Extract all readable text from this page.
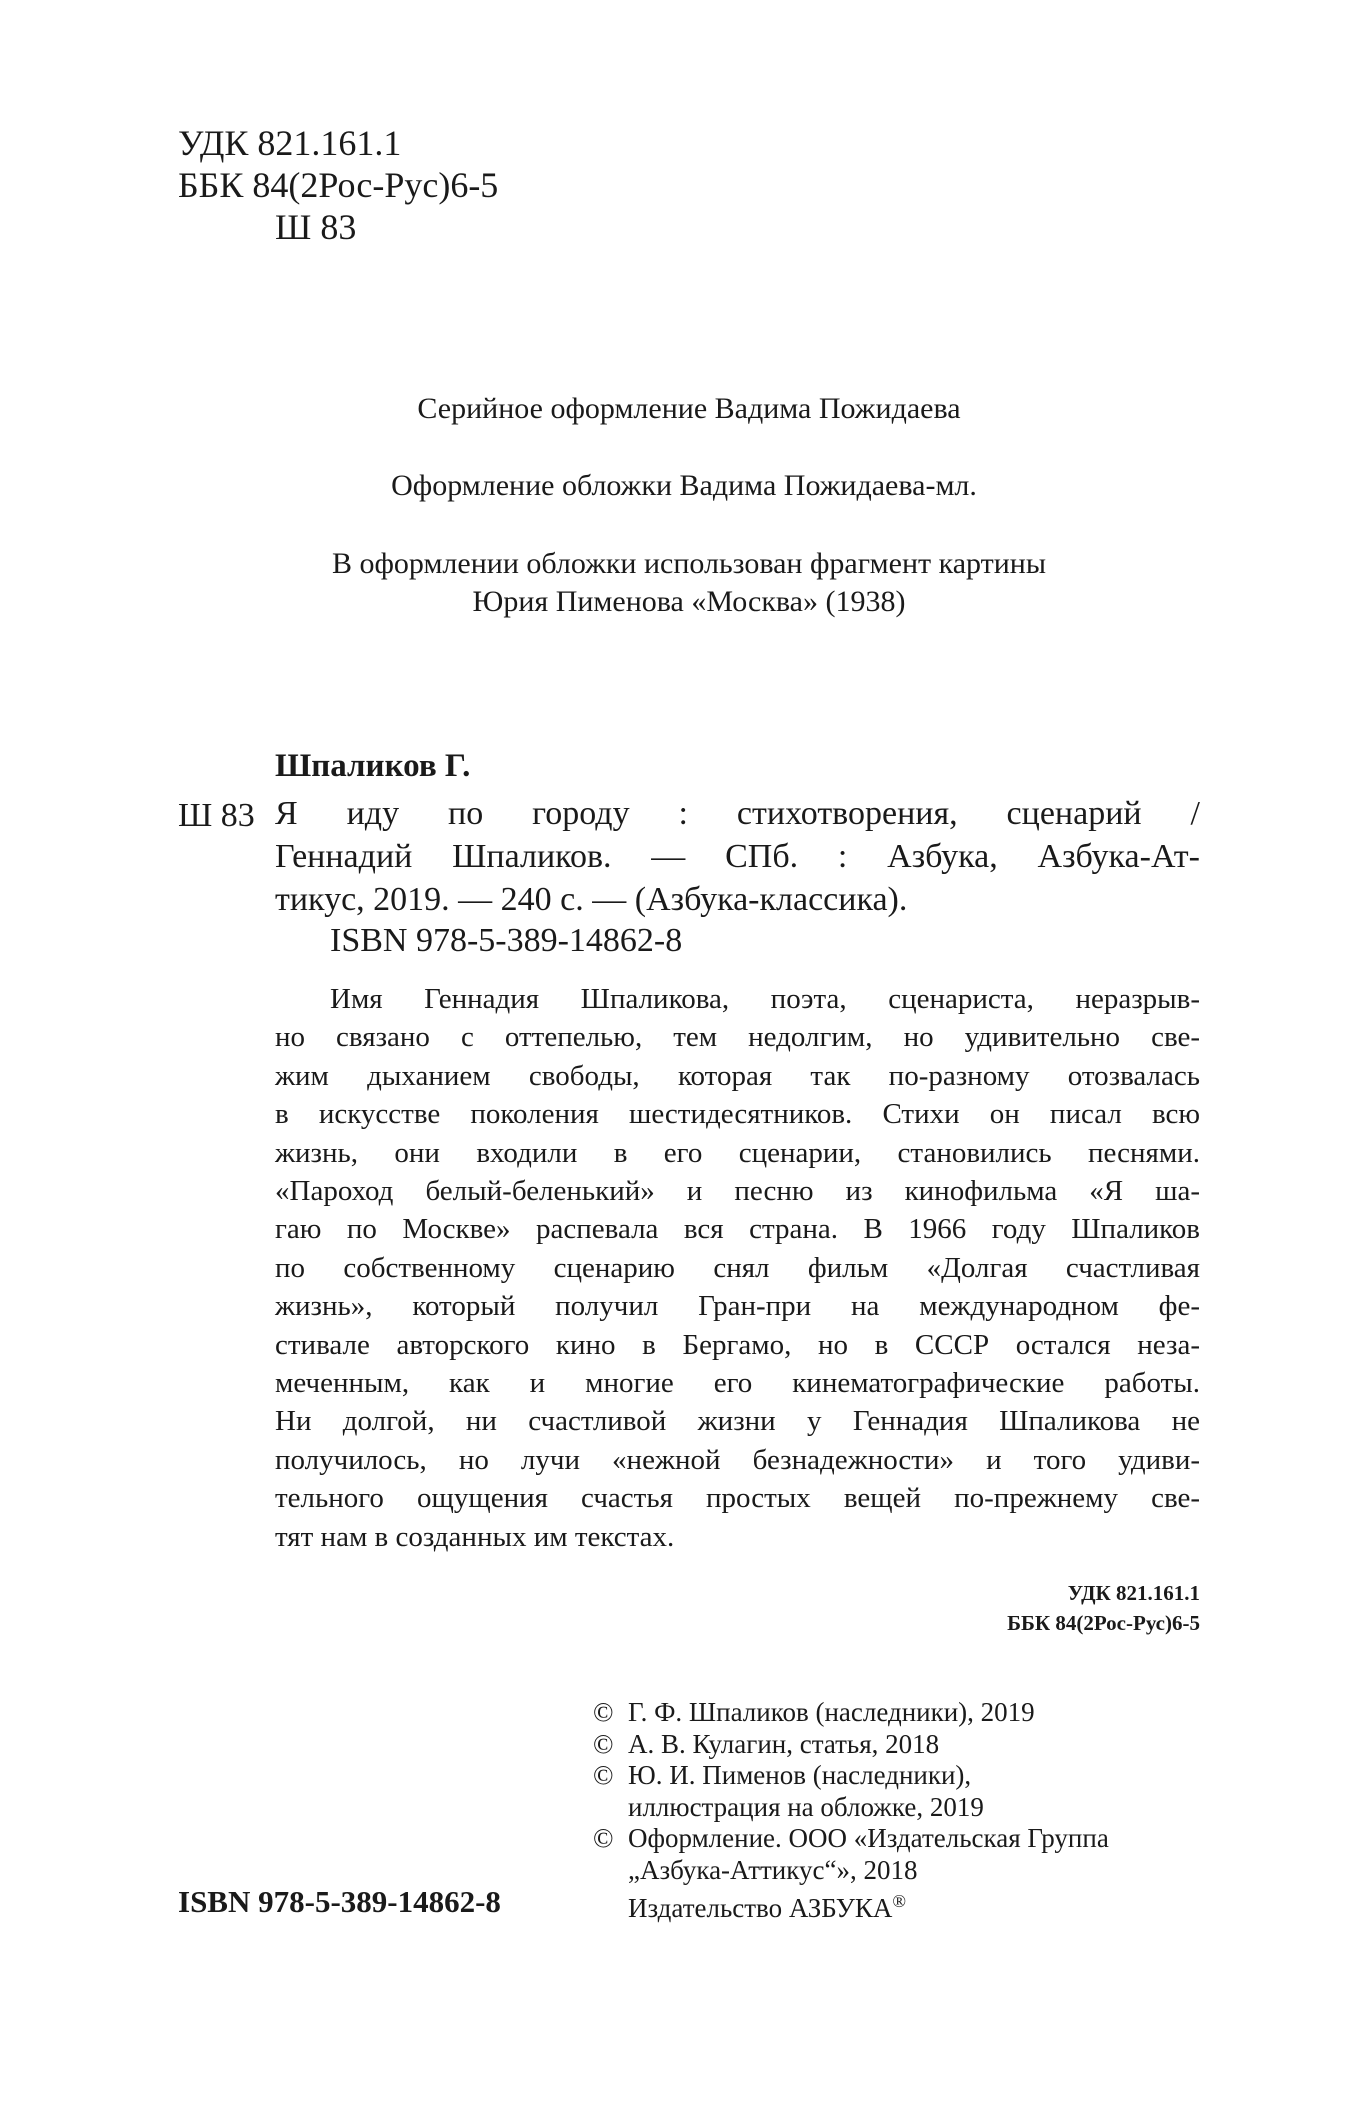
УДК 821.161.1
ББК 84(2Рос-Рус)6-5
Ш 83
Серийное оформление Вадима Пожидаева
Оформление обложки Вадима Пожидаева-мл.
В оформлении обложки использован фрагмент картины
Юрия Пименова «Москва» (1938)
Шпаликов Г.
Ш 83 Я иду по городу : стихотворения, сценарий /
Геннадий Шпаликов. — СПб. : Азбука, Азбука-Ат-
тикус, 2019. — 240 с. — (Азбука-классика).
ISBN 978-5-389-14862-8
Имя Геннадия Шпаликова, поэта, сценариста, неразрыв-
но связано с оттепелью, тем недолгим, но удивительно све-
жим дыханием свободы, которая так по-разному отозвалась
в искусстве поколения шестидесятников. Стихи он писал всю
жизнь, они входили в его сценарии, становились песнями.
«Пароход белый-беленький» и песню из кинофильма «Я ша-
гаю по Москве» распевала вся страна. В 1966 году Шпаликов
по собственному сценарию снял фильм «Долгая счастливая
жизнь», который получил Гран-при на международном фе-
стивале авторского кино в Бергамо, но в СССР остался неза-
меченным, как и многие его кинематографические работы.
Ни долгой, ни счастливой жизни у Геннадия Шпаликова не
получилось, но лучи «нежной безнадежности» и того удиви-
тельного ощущения счастья простых вещей по-прежнему све-
тят нам в созданных им текстах.
УДК 821.161.1
ББК 84(2Рос-Рус)6-5
© Г. Ф. Шпаликов (наследники), 2019
© А. В. Кулагин, статья, 2018
© Ю. И. Пименов (наследники),
иллюстрация на обложке, 2019
© Оформление. ООО «Издательская Группа
„Азбука-Аттикус“», 2018
Издательство АЗБУКА®
ISBN 978-5-389-14862-8
